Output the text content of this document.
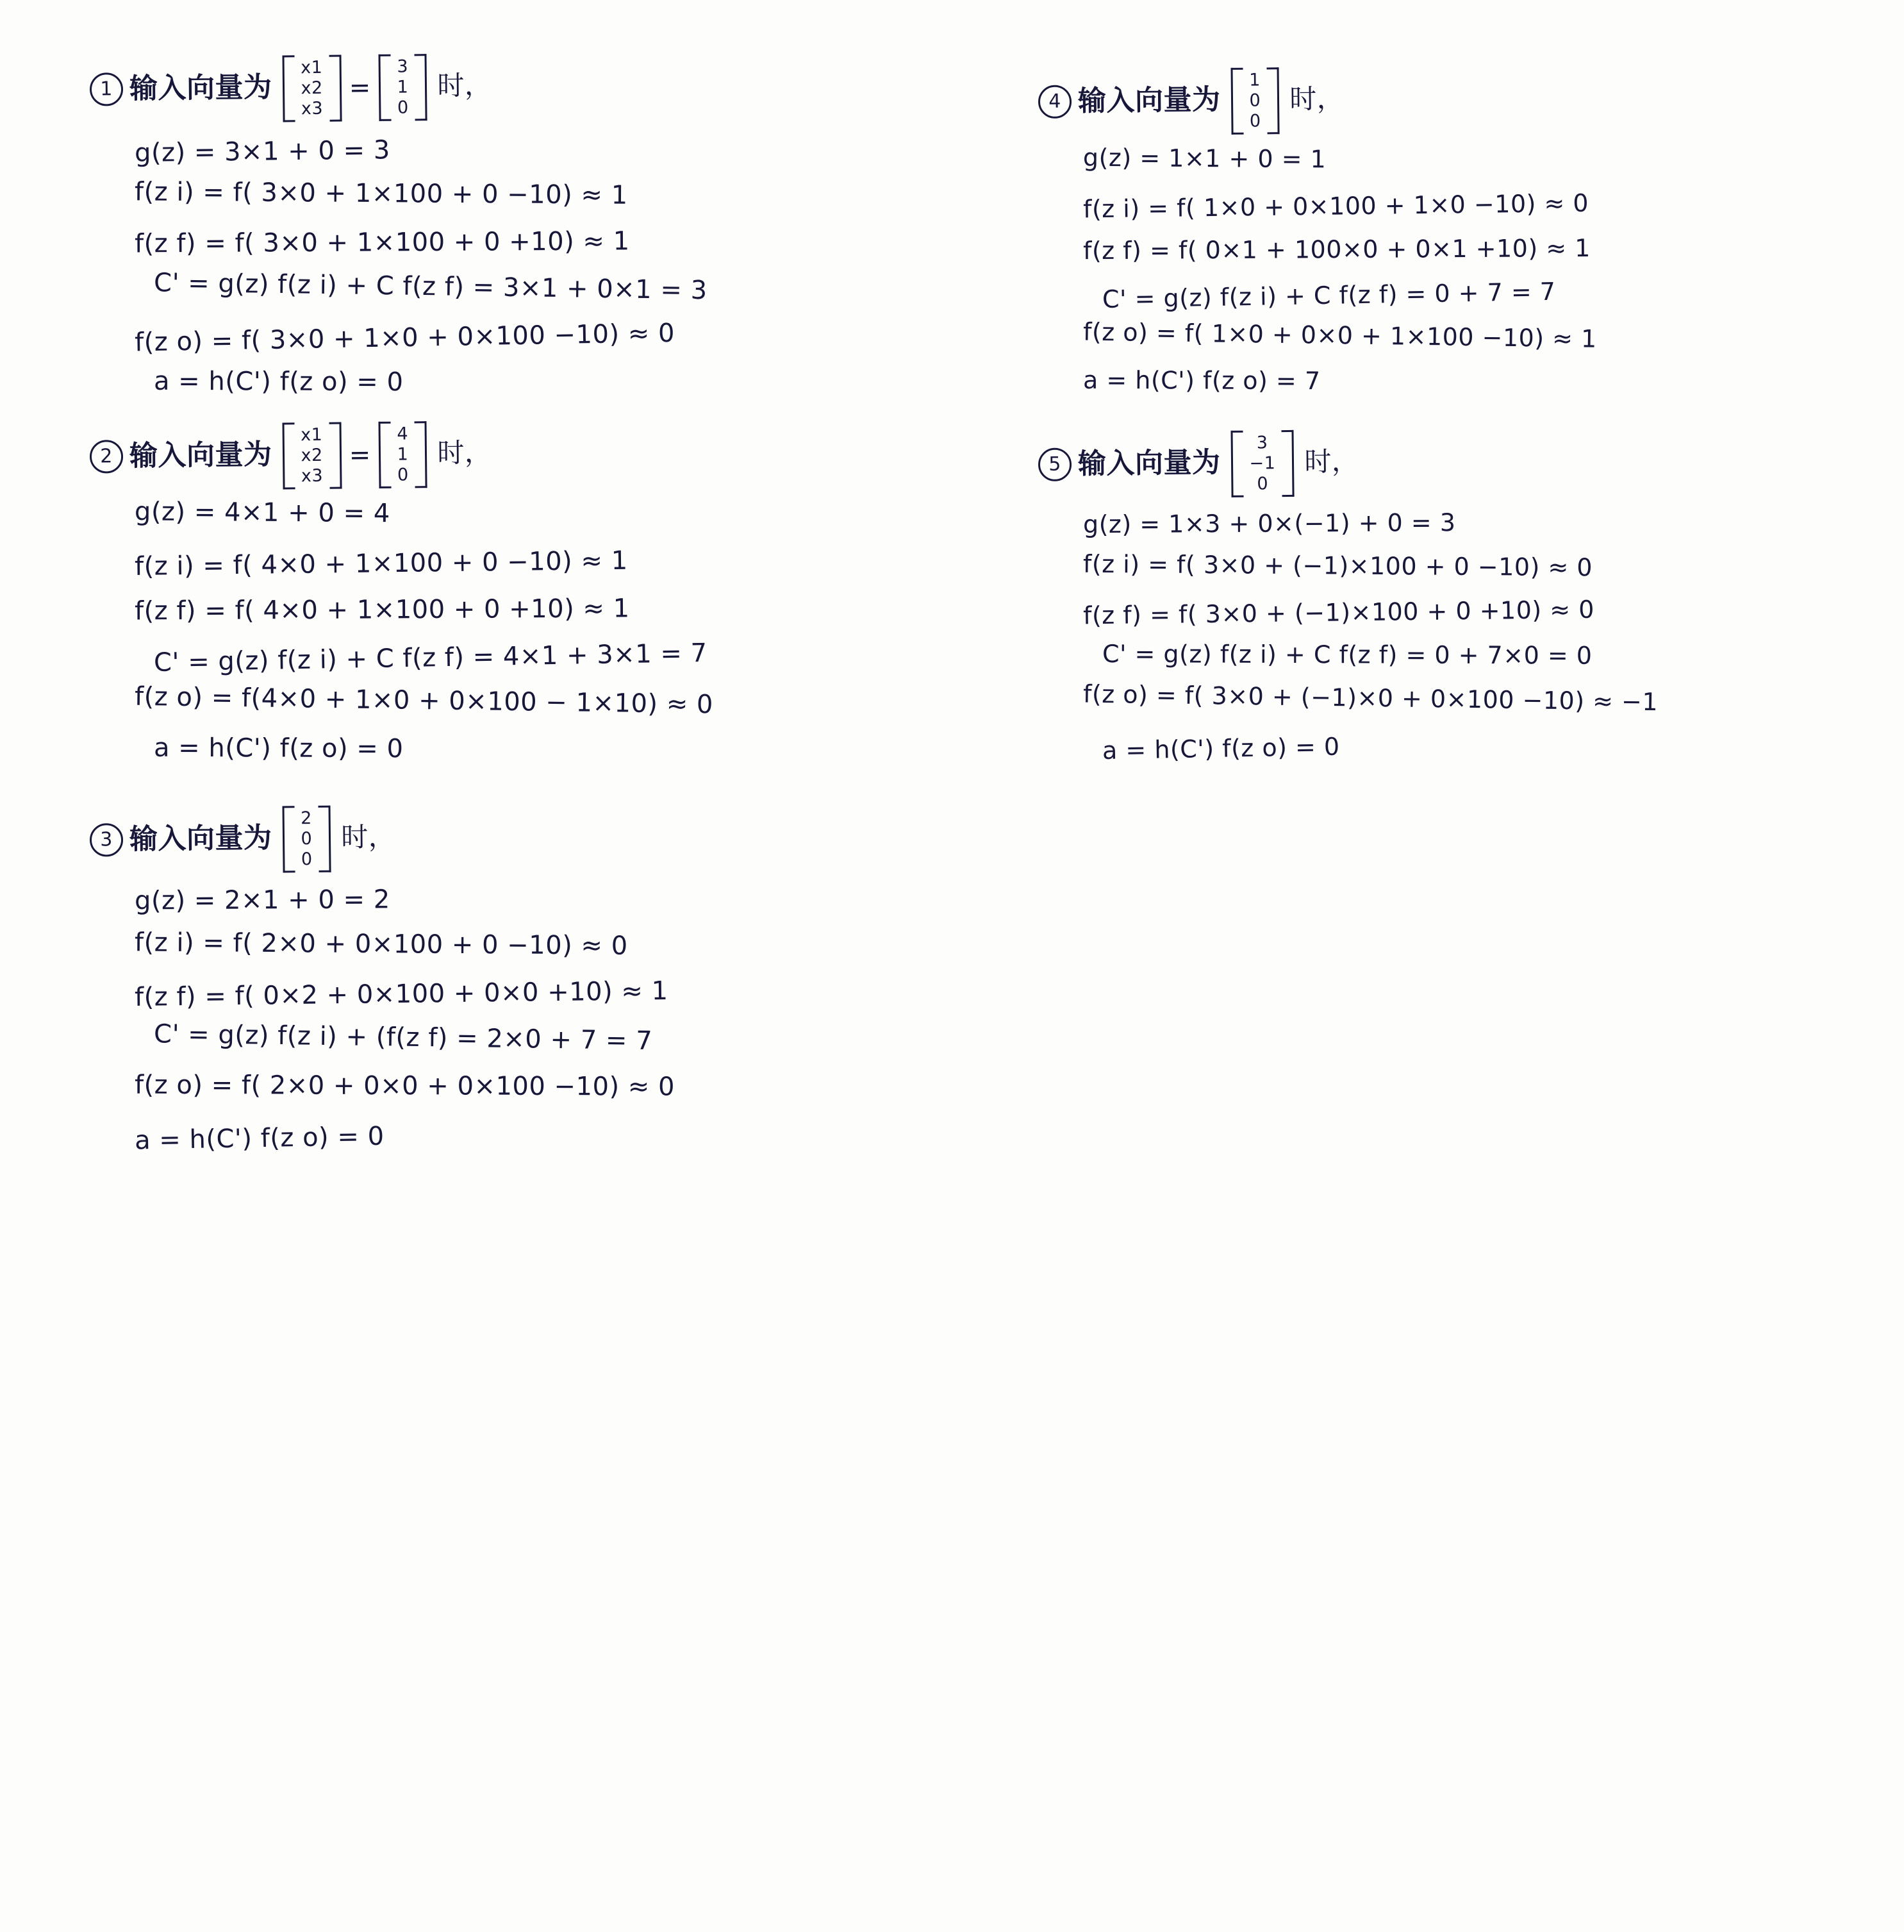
1 输入向量为
x1
x2
x3
=
3
1
0
时，
g(z) = 3×1 + 0 = 3
f(z i) = f( 3×0 + 1×100 + 0 −10) ≈ 1
f(z f) = f( 3×0 + 1×100 + 0 +10) ≈ 1
C' = g(z) f(z i) + C f(z f) = 3×1 + 0×1 = 3
f(z o) = f( 3×0 + 1×0 + 0×100 −10) ≈ 0
a = h(C') f(z o) = 0
2 输入向量为
x1
x2
x3
=
4
1
0
时，
g(z) = 4×1 + 0 = 4
f(z i) = f( 4×0 + 1×100 + 0 −10) ≈ 1
f(z f) = f( 4×0 + 1×100 + 0 +10) ≈ 1
C' = g(z) f(z i) + C f(z f) = 4×1 + 3×1 = 7
f(z o) = f(4×0 + 1×0 + 0×100 − 1×10) ≈ 0
a = h(C') f(z o) = 0
3 输入向量为
2
0
0
时，
g(z) = 2×1 + 0 = 2
f(z i) = f( 2×0 + 0×100 + 0 −10) ≈ 0
f(z f) = f( 0×2 + 0×100 + 0×0 +10) ≈ 1
C' = g(z) f(z i) + (f(z f) = 2×0 + 7 = 7
f(z o) = f( 2×0 + 0×0 + 0×100 −10) ≈ 0
a = h(C') f(z o) = 0
4 输入向量为
1
0
0
时，
g(z) = 1×1 + 0 = 1
f(z i) = f( 1×0 + 0×100 + 1×0 −10) ≈ 0
f(z f) = f( 0×1 + 100×0 + 0×1 +10) ≈ 1
C' = g(z) f(z i) + C f(z f) = 0 + 7 = 7
f(z o) = f( 1×0 + 0×0 + 1×100 −10) ≈ 1
a = h(C') f(z o) = 7
5 输入向量为
3
−1
0
时，
g(z) = 1×3 + 0×(−1) + 0 = 3
f(z i) = f( 3×0 + (−1)×100 + 0 −10) ≈ 0
f(z f) = f( 3×0 + (−1)×100 + 0 +10) ≈ 0
C' = g(z) f(z i) + C f(z f) = 0 + 7×0 = 0
f(z o) = f( 3×0 + (−1)×0 + 0×100 −10) ≈ −1
a = h(C') f(z o) = 0
